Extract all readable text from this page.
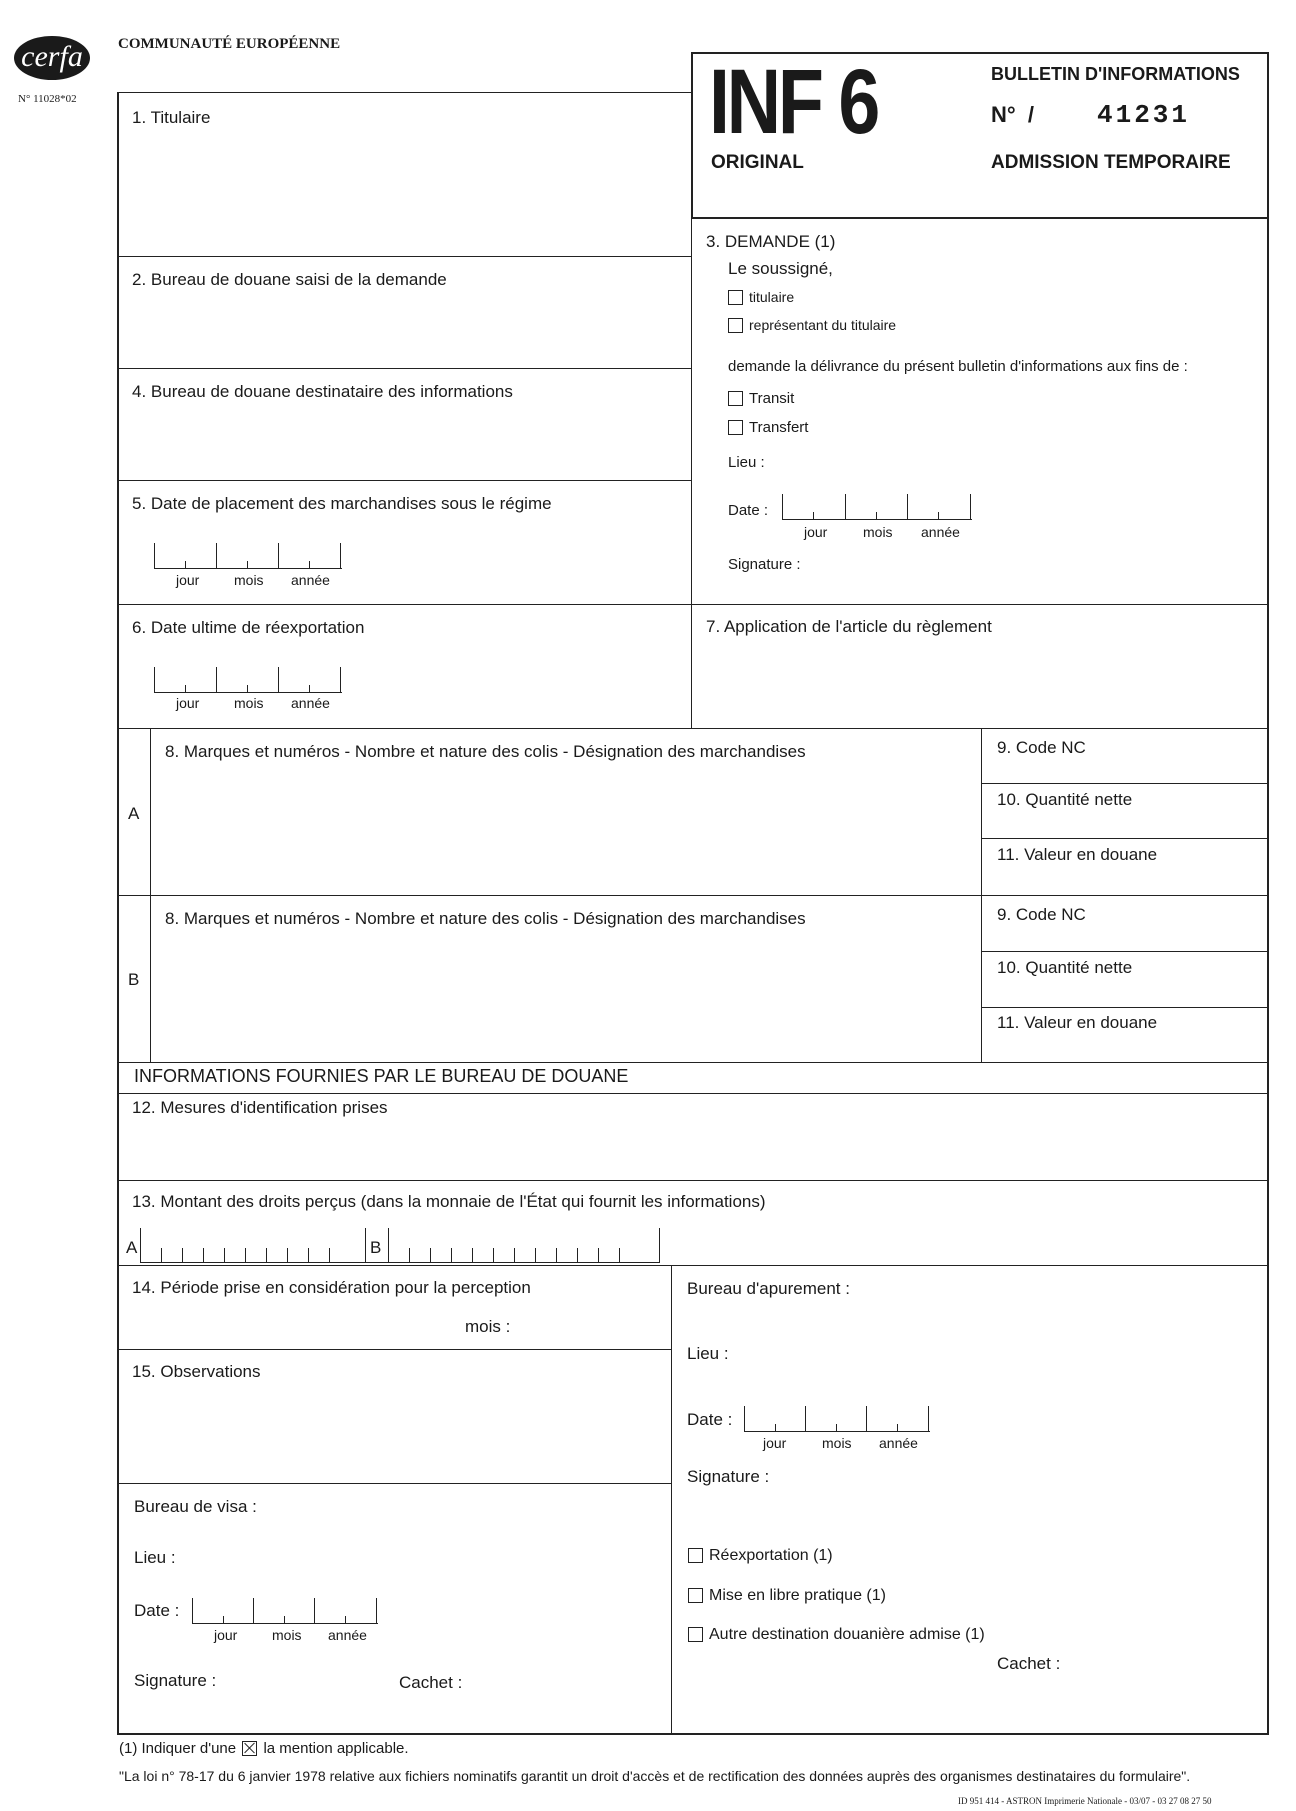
cerfa
N° 11028*02
COMMUNAUTÉ EUROPÉENNE
INF 6
ORIGINAL
BULLETIN D'INFORMATIONS
N°  / 41231
ADMISSION TEMPORAIRE
1. Titulaire
2. Bureau de douane saisi de la demande
4. Bureau de douane destinataire des informations
5. Date de placement des marchandises sous le régime
6. Date ultime de réexportation
jour mois année
jour mois année
3. DEMANDE (1)
Le soussigné,
titulaire
représentant du titulaire
demande la délivrance du présent bulletin d'informations aux fins de :
Transit
Transfert
Lieu :
Date :
jour	mois année
Signature :
7. Application de l'article du règlement
A
8. Marques et numéros - Nombre et nature des colis - Désignation des marchandises	9. Code NC
10. Quantité nette
11. Valeur en douane
B
8. Marques et numéros - Nombre et nature des colis - Désignation des marchandises	9. Code NC
10. Quantité nette
11. Valeur en douane
INFORMATIONS FOURNIES PAR LE BUREAU DE DOUANE
12. Mesures d'identification prises
13. Montant des droits perçus (dans la monnaie de l'État qui fournit les informations)
A	B
14. Période prise en considération pour la perception
mois :
15. Observations
Bureau de visa :
Lieu :
Date :
jour mois année
Signature :	Cachet :
Bureau d'apurement :
Lieu :
Date :
jour	mois année
Signature :
Réexportation (1)
Mise en libre pratique (1)
Autre destination douanière admise (1)
Cachet :
(1) Indiquer d'une ☒ la mention applicable.
"La loi n° 78-17 du 6 janvier 1978 relative aux fichiers nominatifs garantit un droit d'accès et de rectification des données auprès des organismes destinataires du formulaire".
ID 951 414 - ASTRON Imprimerie Nationale - 03/07 - 03 27 08 27 50
